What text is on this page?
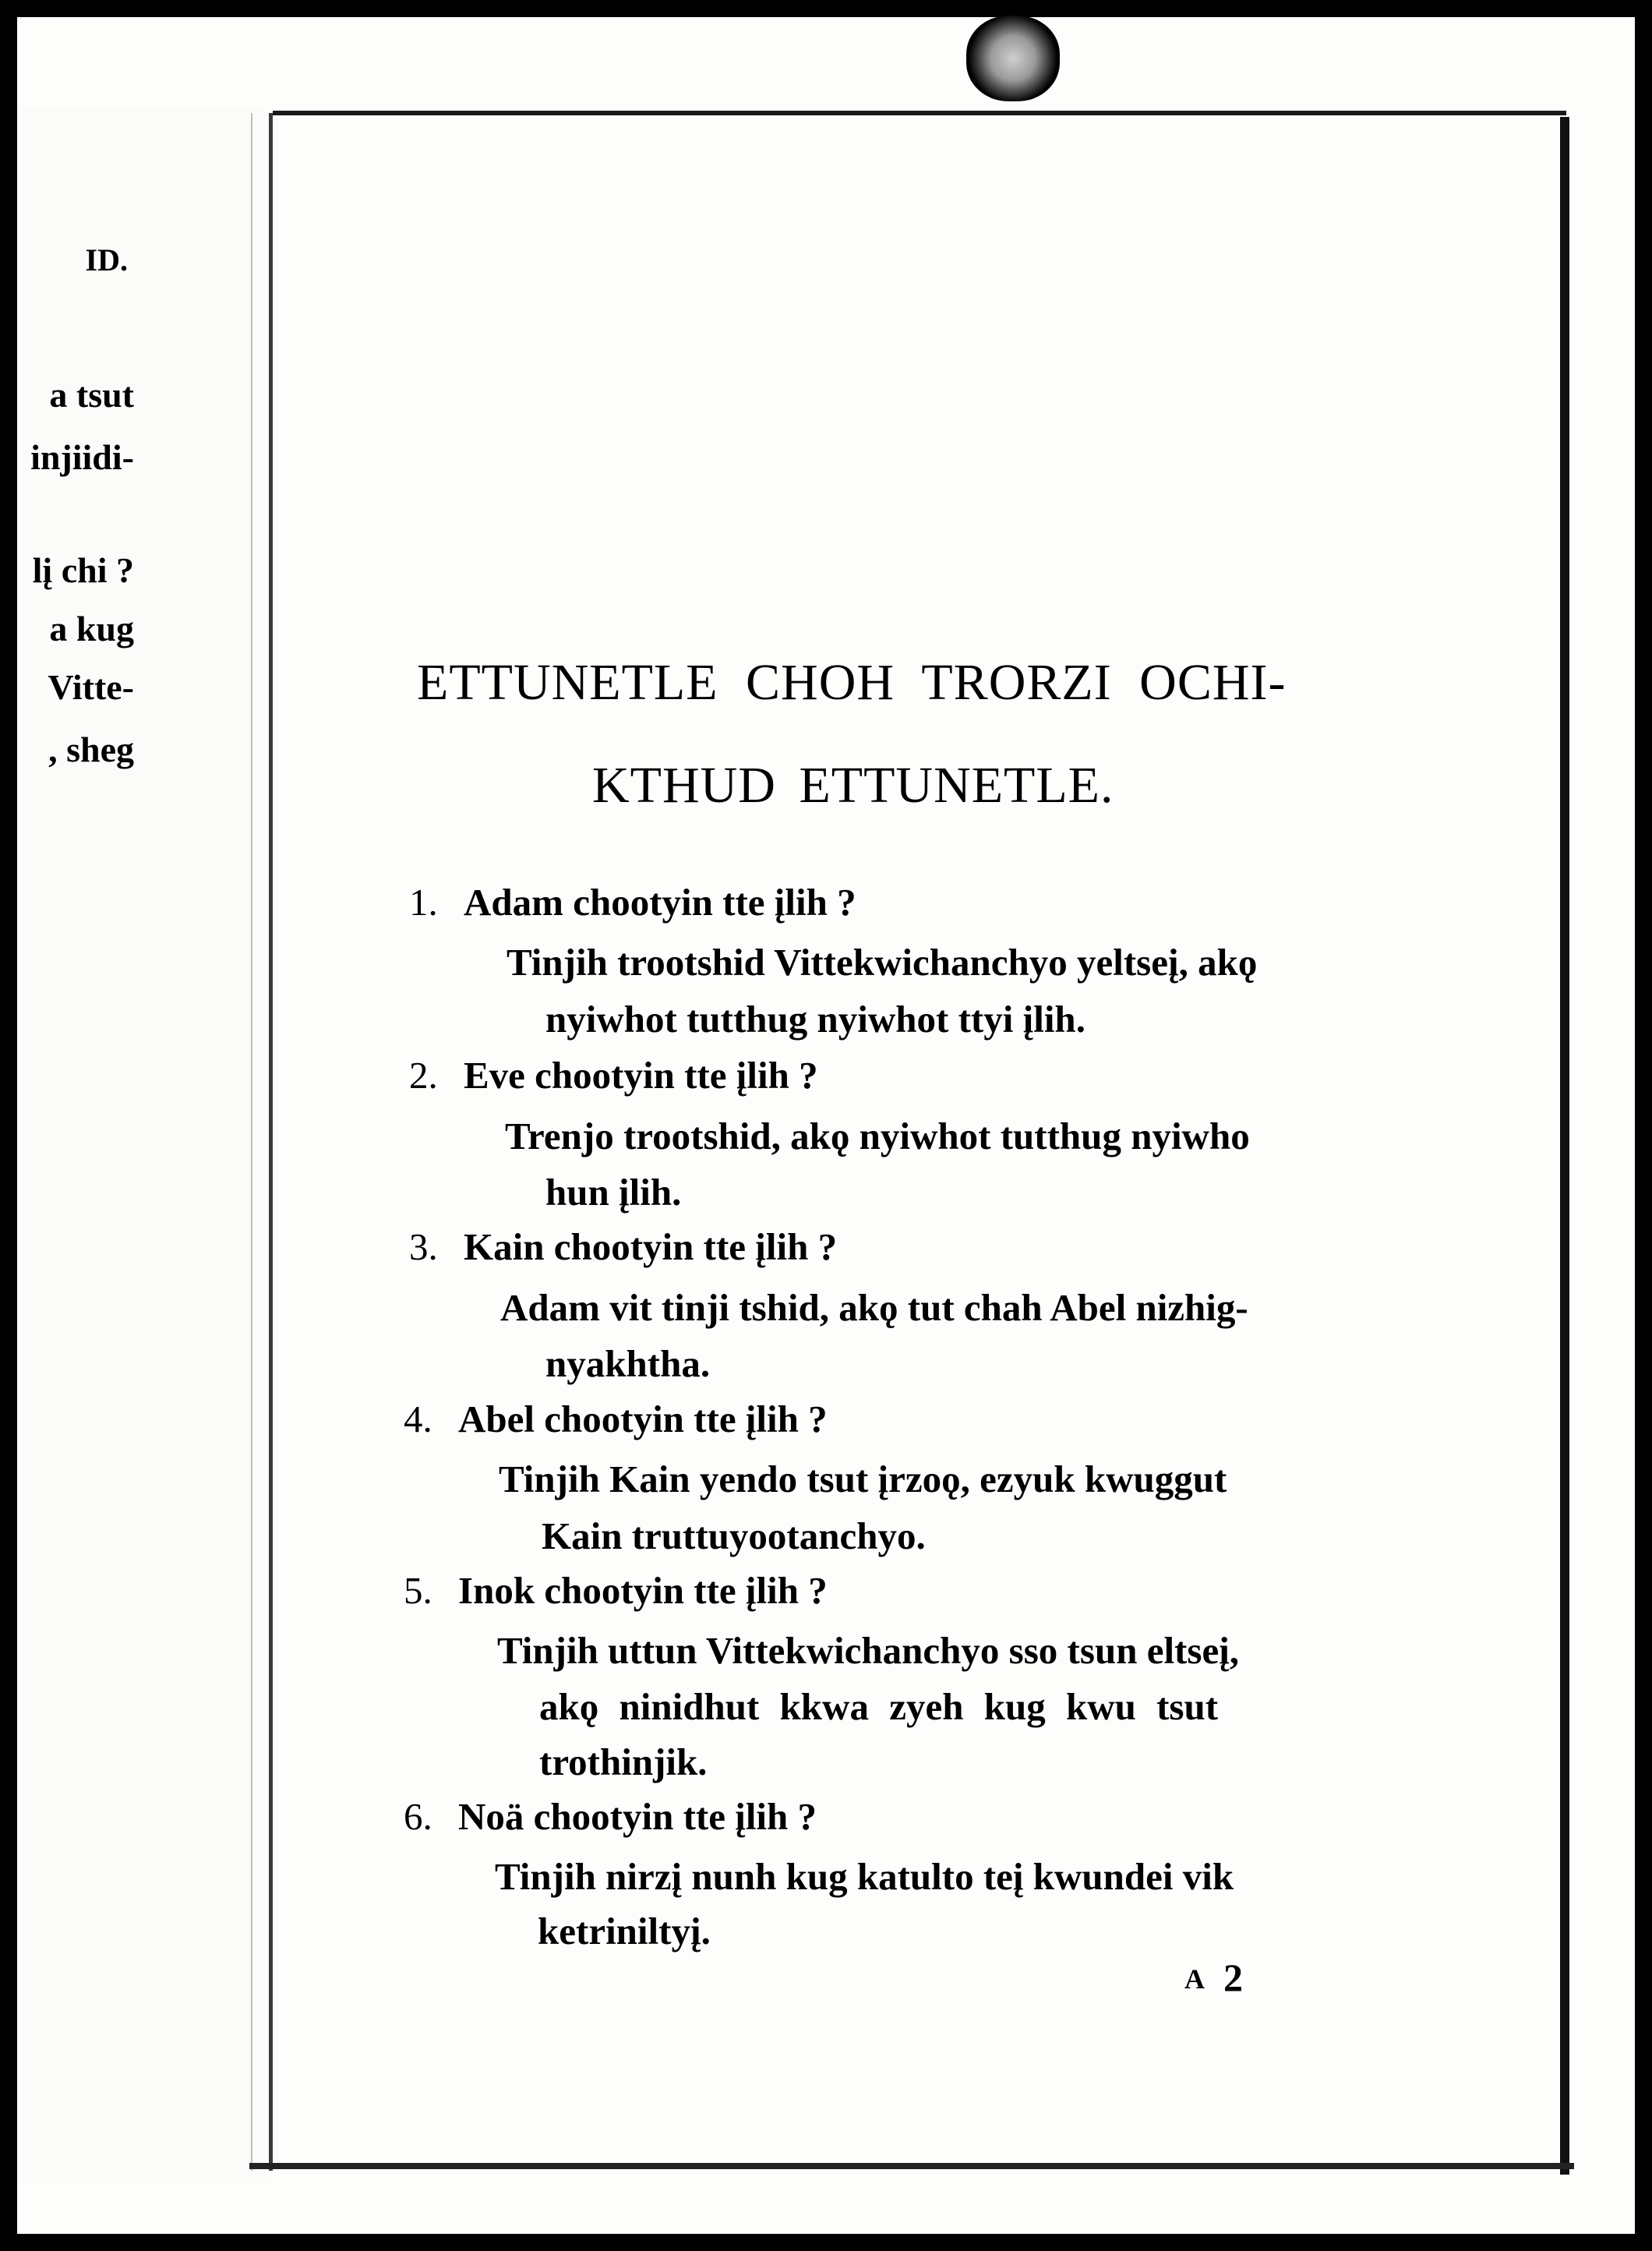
ID.
a tsut
injiidi-
lį chi ?
a kug
Vitte-
, sheg
ETTUNETLE CHOH TRORZI OCHI-
KTHUD ETTUNETLE.
1. Adam chootyin tte įlih ?
Tinjih trootshid Vittekwichanchyo yeltseį, akǫ
nyiwhot tutthug nyiwhot ttyi įlih.
2. Eve chootyin tte įlih ?
Trenjo trootshid, akǫ nyiwhot tutthug nyiwho
hun įlih.
3. Kain chootyin tte įlih ?
Adam vit tinji tshid, akǫ tut chah Abel nizhig-
nyakhtha.
4. Abel chootyin tte įlih ?
Tinjih Kain yendo tsut įrzoǫ, ezyuk kwuggut
Kain truttuyootanchyo.
5. Inok chootyin tte įlih ?
Tinjih uttun Vittekwichanchyo sso tsun eltseį,
akǫ ninidhut kkwa zyeh kug kwu tsut
trothinjik.
6. Noä chootyin tte įlih ?
Tinjih nirzį nunh kug katulto teį kwundei vik
ketriniltyį.
A 2
